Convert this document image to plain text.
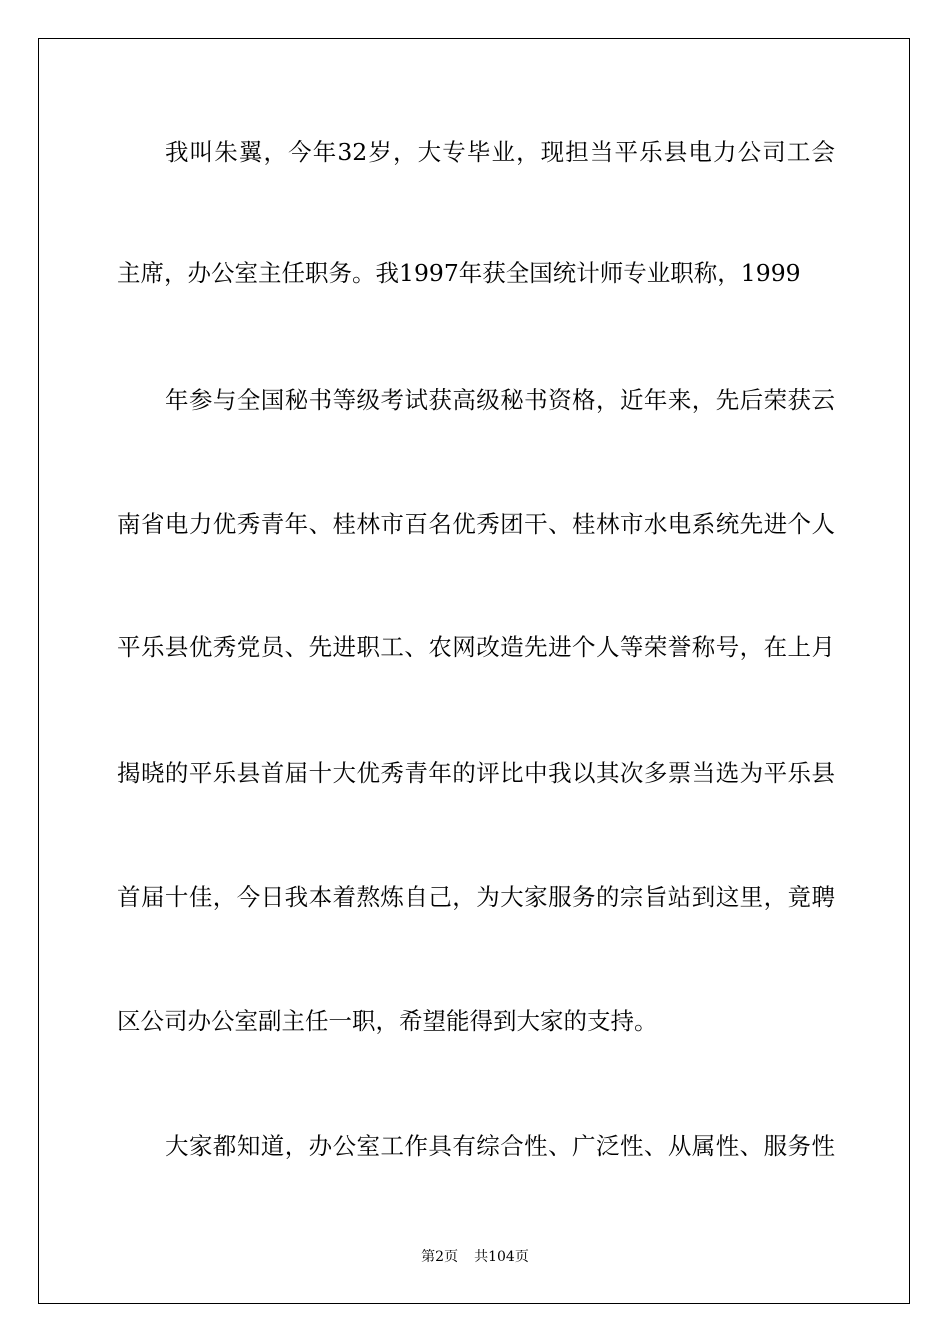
我叫朱翼，今年32岁，大专毕业，现担当平乐县电力公司工会
主席，办公室主任职务。我1997年获全国统计师专业职称，1999
年参与全国秘书等级考试获高级秘书资格，近年来，先后荣获云
南省电力优秀青年、桂林市百名优秀团干、桂林市水电系统先进个人
平乐县优秀党员、先进职工、农网改造先进个人等荣誉称号，在上月
揭晓的平乐县首届十大优秀青年的评比中我以其次多票当选为平乐县
首届十佳，今日我本着熬炼自己，为大家服务的宗旨站到这里，竟聘
区公司办公室副主任一职，希望能得到大家的支持。
大家都知道，办公室工作具有综合性、广泛性、从属性、服务性
第2页 共104页
